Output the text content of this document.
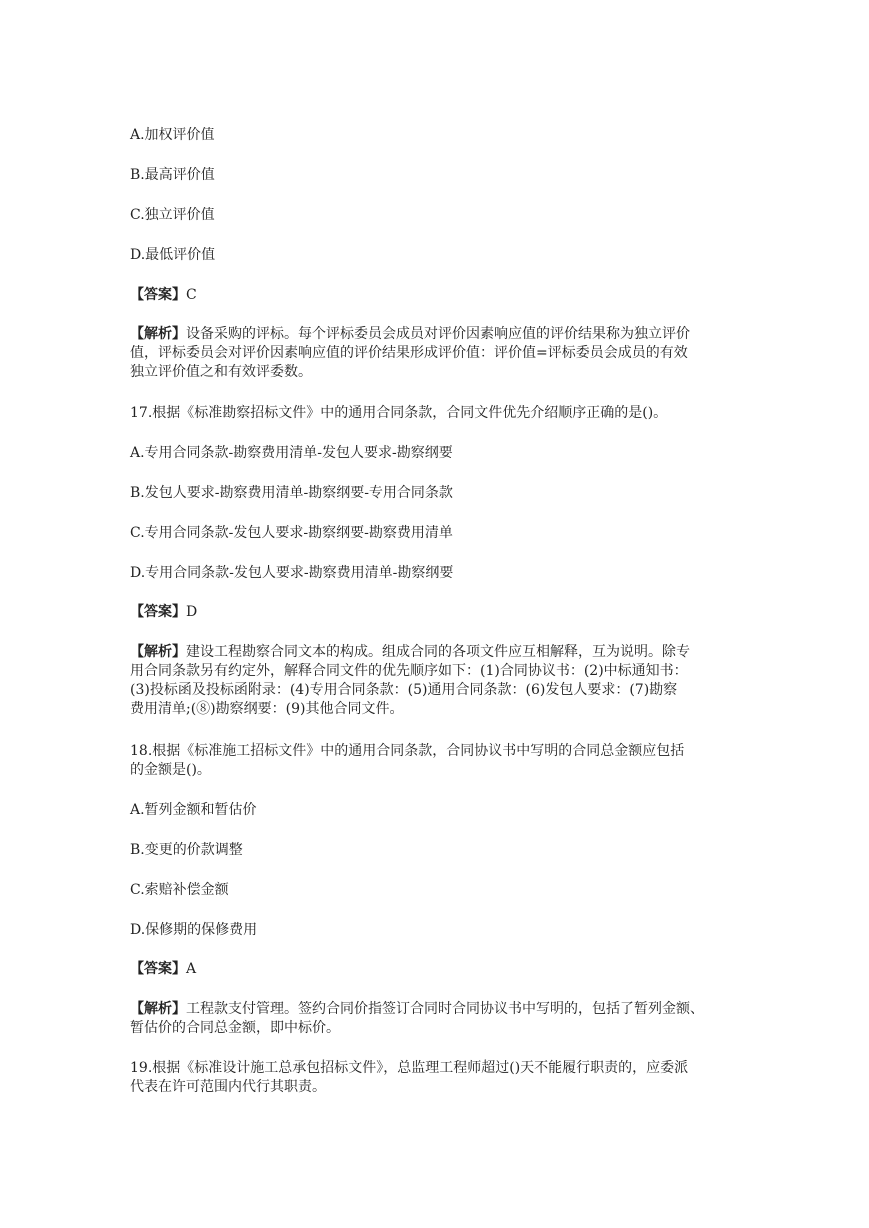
A.加权评价值
B.最高评价值
C.独立评价值
D.最低评价值
【答案】C
【解析】设备采购的评标。每个评标委员会成员对评价因素响应值的评价结果称为独立评价
值，评标委员会对评价因素响应值的评价结果形成评价值：评价值=评标委员会成员的有效
独立评价值之和有效评委数。
17.根据《标准勘察招标文件》中的通用合同条款，合同文件优先介绍顺序正确的是()。
A.专用合同条款-勘察费用清单-发包人要求-勘察纲要
B.发包人要求-勘察费用清单-勘察纲要-专用合同条款
C.专用合同条款-发包人要求-勘察纲要-勘察费用清单
D.专用合同条款-发包人要求-勘察费用清单-勘察纲要
【答案】D
【解析】建设工程勘察合同文本的构成。组成合同的各项文件应互相解释，互为说明。除专
用合同条款另有约定外，解释合同文件的优先顺序如下：(1)合同协议书：(2)中标通知书：
(3)投标函及投标函附录：(4)专用合同条款：(5)通用合同条款：(6)发包人要求：(7)勘察
费用清单;(⑧)勘察纲要：(9)其他合同文件。
18.根据《标准施工招标文件》中的通用合同条款，合同协议书中写明的合同总金额应包括
的金额是()。
A.暂列金额和暂估价
B.变更的价款调整
C.索赔补偿金额
D.保修期的保修费用
【答案】A
【解析】工程款支付管理。签约合同价指签订合同时合同协议书中写明的，包括了暂列金额、
暂估价的合同总金额，即中标价。
19.根据《标准设计施工总承包招标文件》，总监理工程师超过()天不能履行职责的，应委派
代表在许可范围内代行其职责。
